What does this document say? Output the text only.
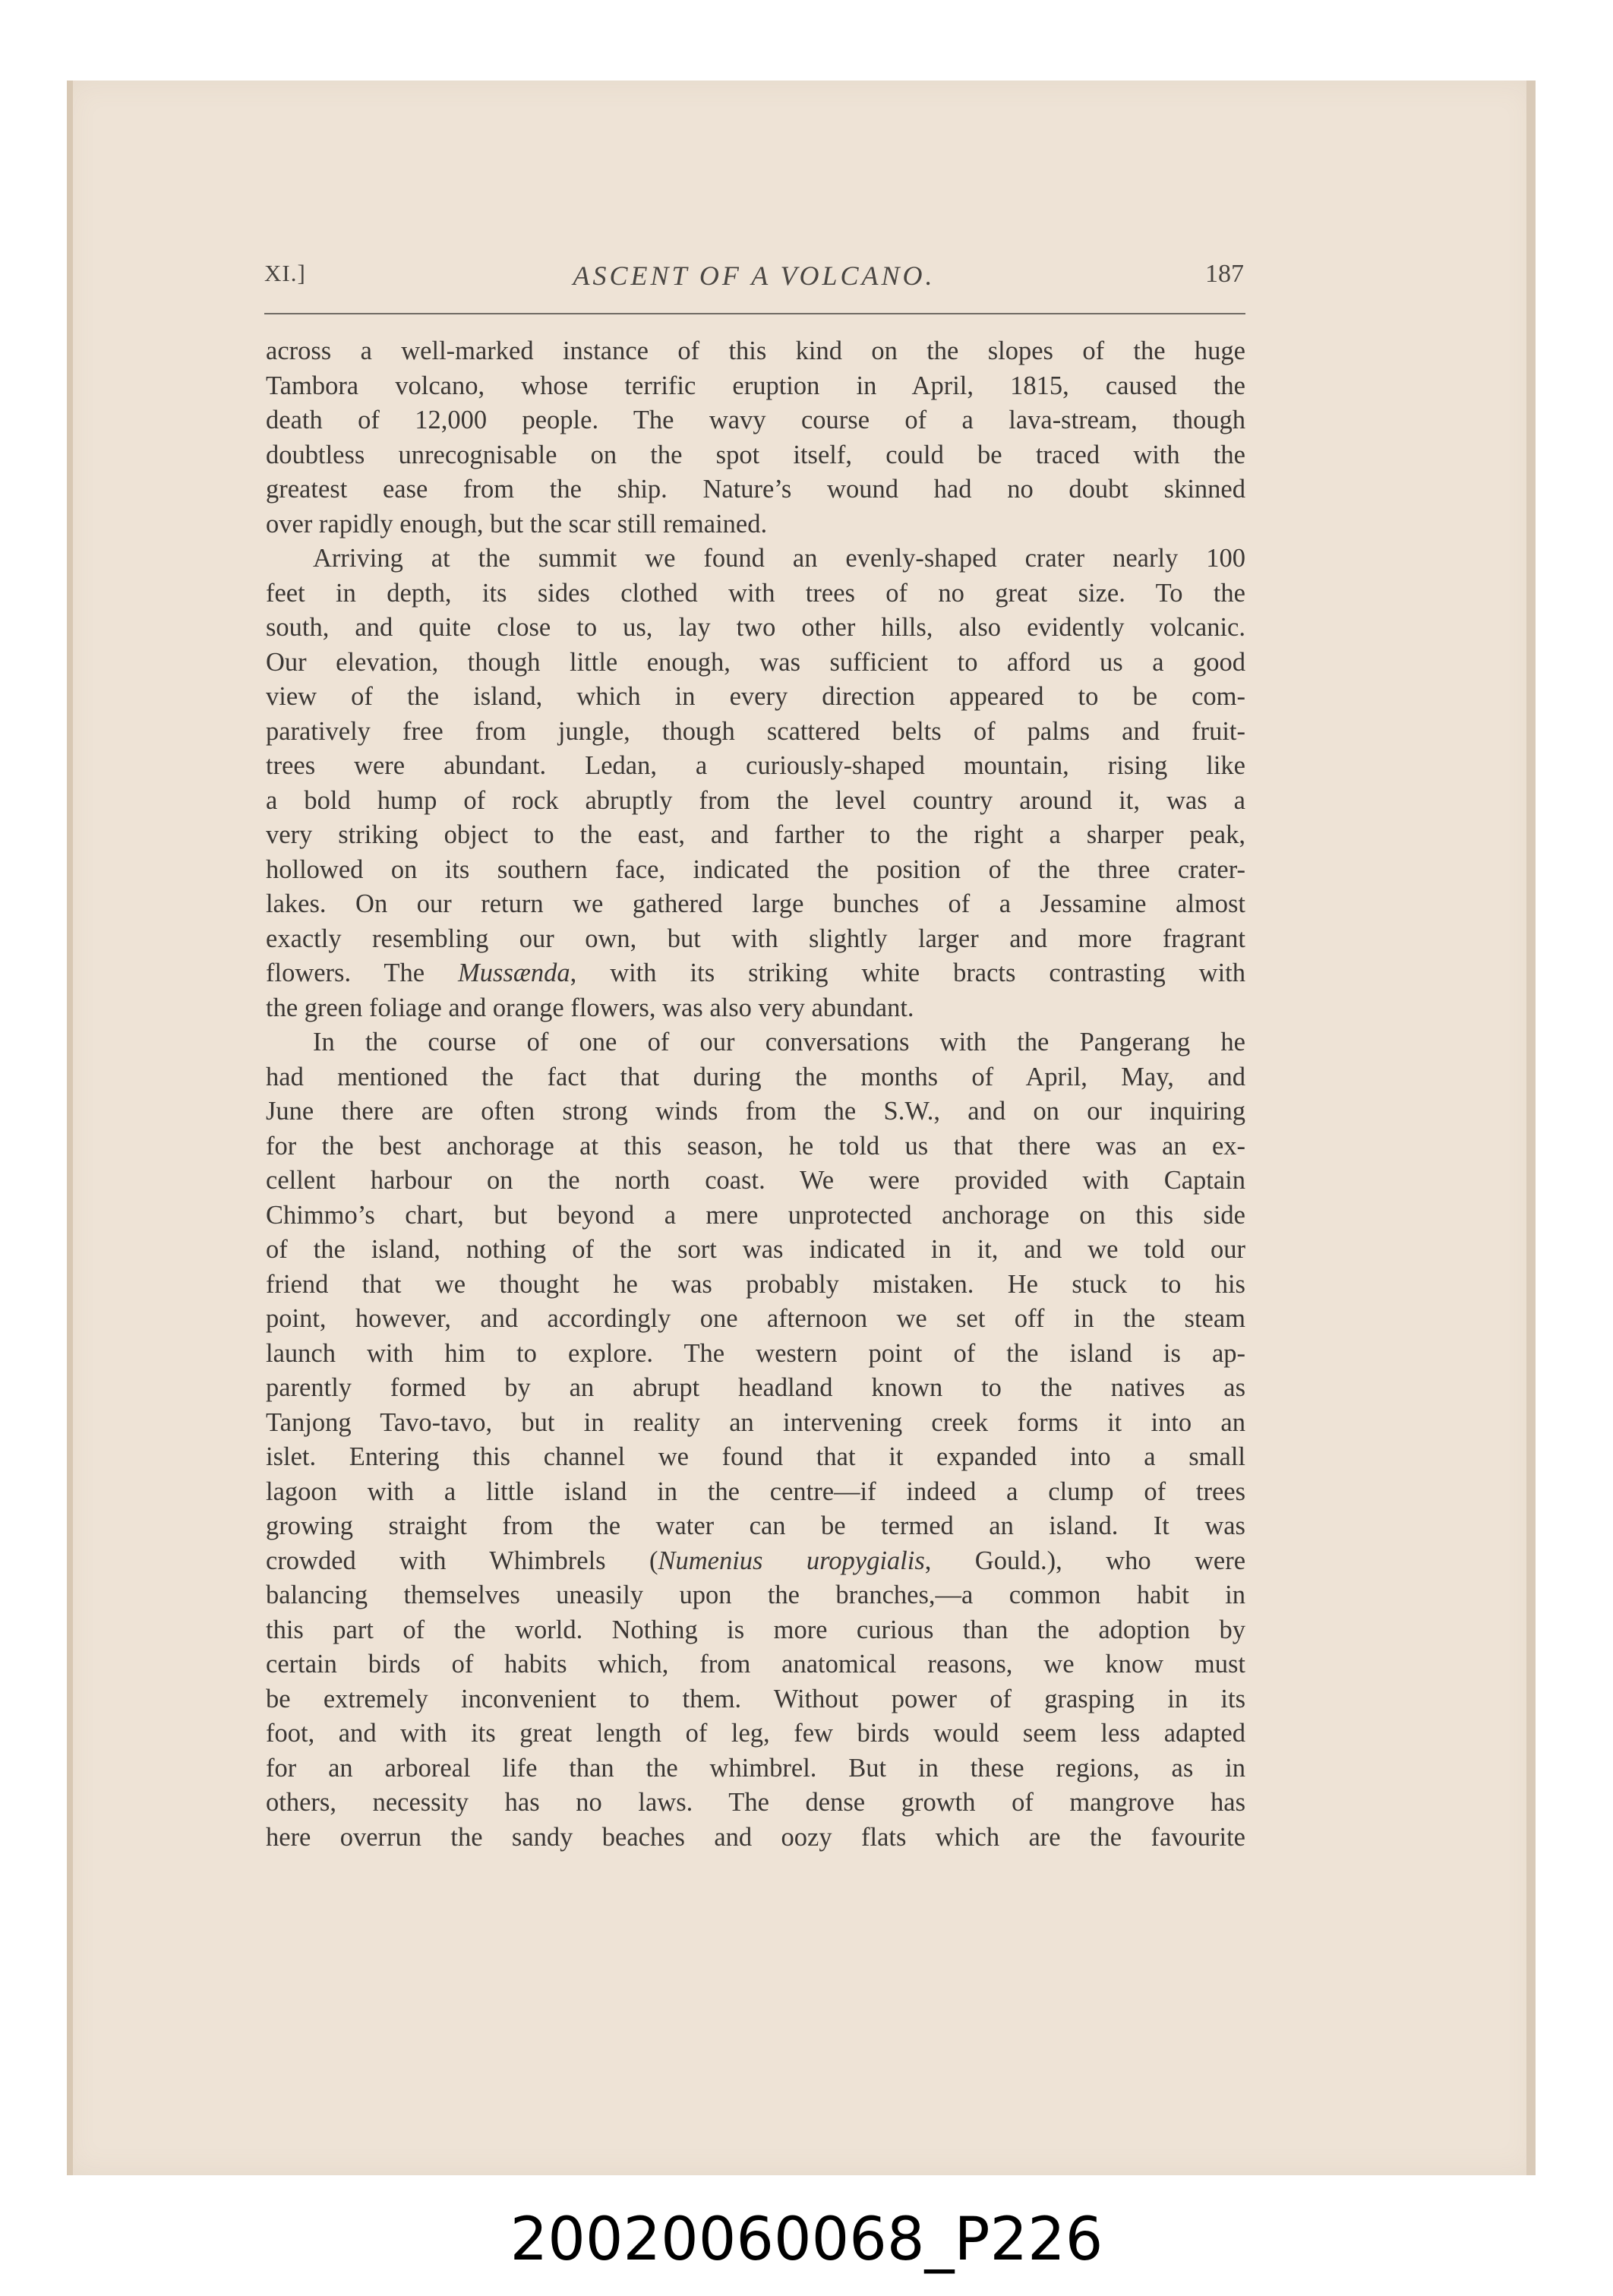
XI.]	ASCENT OF A VOLCANO.	187
across a well-marked instance of this kind on the slopes of the huge
Tambora volcano, whose terrific eruption in April, 1815, caused the
death of 12,000 people. The wavy course of a lava-stream, though
doubtless unrecognisable on the spot itself, could be traced with the
greatest ease from the ship. Nature’s wound had no doubt skinned
over rapidly enough, but the scar still remained.
Arriving at the summit we found an evenly-shaped crater nearly 100
feet in depth, its sides clothed with trees of no great size. To the
south, and quite close to us, lay two other hills, also evidently volcanic.
Our elevation, though little enough, was sufficient to afford us a good
view of the island, which in every direction appeared to be com-
paratively free from jungle, though scattered belts of palms and fruit-
trees were abundant. Ledan, a curiously-shaped mountain, rising like
a bold hump of rock abruptly from the level country around it, was a
very striking object to the east, and farther to the right a sharper peak,
hollowed on its southern face, indicated the position of the three crater-
lakes. On our return we gathered large bunches of a Jessamine almost
exactly resembling our own, but with slightly larger and more fragrant
flowers. The Mussænda, with its striking white bracts contrasting with
the green foliage and orange flowers, was also very abundant.
In the course of one of our conversations with the Pangerang he
had mentioned the fact that during the months of April, May, and
June there are often strong winds from the S.W., and on our inquiring
for the best anchorage at this season, he told us that there was an ex-
cellent harbour on the north coast. We were provided with Captain
Chimmo’s chart, but beyond a mere unprotected anchorage on this side
of the island, nothing of the sort was indicated in it, and we told our
friend that we thought he was probably mistaken. He stuck to his
point, however, and accordingly one afternoon we set off in the steam
launch with him to explore. The western point of the island is ap-
parently formed by an abrupt headland known to the natives as
Tanjong Tavo-tavo, but in reality an intervening creek forms it into an
islet. Entering this channel we found that it expanded into a small
lagoon with a little island in the centre—if indeed a clump of trees
growing straight from the water can be termed an island. It was
crowded with Whimbrels (Numenius uropygialis, Gould.), who were
balancing themselves uneasily upon the branches,—a common habit in
this part of the world. Nothing is more curious than the adoption by
certain birds of habits which, from anatomical reasons, we know must
be extremely inconvenient to them. Without power of grasping in its
foot, and with its great length of leg, few birds would seem less adapted
for an arboreal life than the whimbrel. But in these regions, as in
others, necessity has no laws. The dense growth of mangrove has
here overrun the sandy beaches and oozy flats which are the favourite
20020060068_P226
